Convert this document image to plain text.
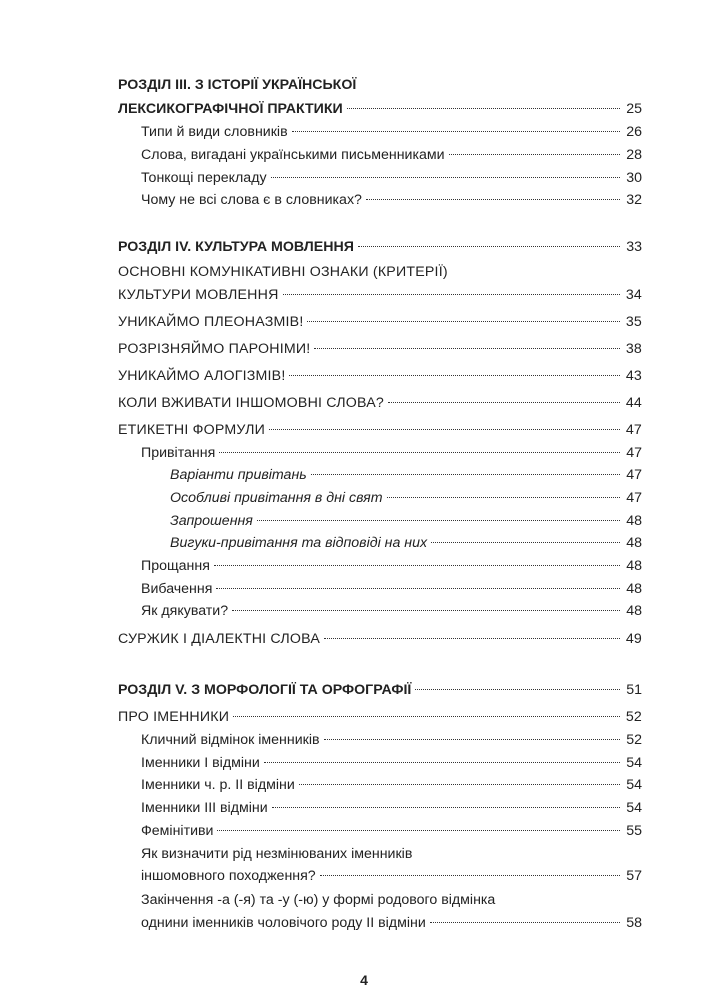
РОЗДІЛ ІІІ. З ІСТОРІЇ УКРАЇНСЬКОЇ
ЛЕКСИКОГРАФІЧНОЇ ПРАКТИКИ	25
Типи й види словників	26
Слова, вигадані українськими письменниками	28
Тонкощі перекладу	30
Чому не всі слова є в словниках?	32
РОЗДІЛ ІV. КУЛЬТУРА МОВЛЕННЯ	33
ОСНОВНІ КОМУНІКАТИВНІ ОЗНАКИ (КРИТЕРІЇ)
КУЛЬТУРИ МОВЛЕННЯ	34
УНИКАЙМО ПЛЕОНАЗМІВ!	35
РОЗРІЗНЯЙМО ПАРОНІМИ!	38
УНИКАЙМО АЛОГІЗМІВ!	43
КОЛИ ВЖИВАТИ ІНШОМОВНІ СЛОВА?	44
ЕТИКЕТНІ ФОРМУЛИ	47
Привітання	47
Варіанти привітань	47
Особливі привітання в дні свят	47
Запрошення	48
Вигуки-привітання та відповіді на них	48
Прощання	48
Вибачення	48
Як дякувати?	48
СУРЖИК І ДІАЛЕКТНІ СЛОВА	49
РОЗДІЛ V. З МОРФОЛОГІЇ ТА ОРФОГРАФІЇ	51
ПРО ІМЕННИКИ	52
Кличний відмінок іменників	52
Іменники І відміни	54
Іменники ч. р. ІІ відміни	54
Іменники ІІІ відміни	54
Фемінітиви	55
Як визначити рід незмінюваних іменників
іншомовного походження?	57
Закінчення -а (-я) та -у (-ю) у формі родового відмінка
однини іменників чоловічого роду ІІ відміни	58
4
